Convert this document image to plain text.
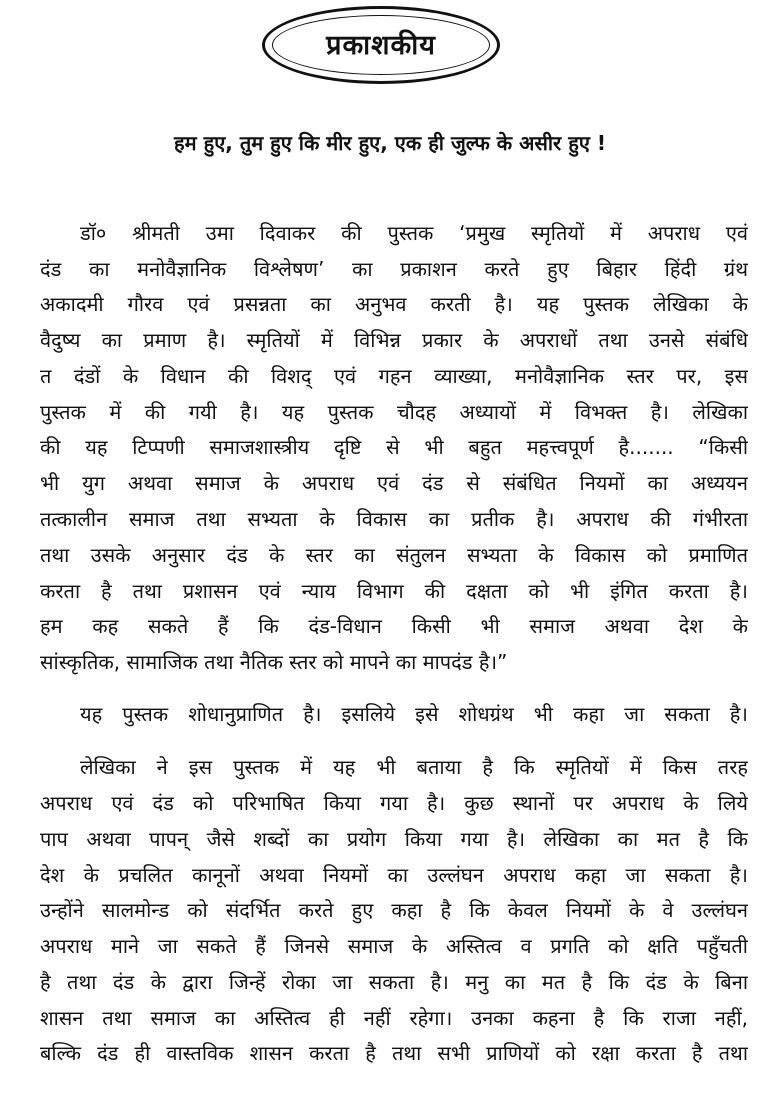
प्रकाशकीय
हम हुए, तुम हुए कि मीर हुए, एक ही जुल्फ के असीर हुए !
डॉ० श्रीमती उमा दिवाकर की पुस्तक ‘प्रमुख स्मृतियों में अपराध एवं
दंड का मनोवैज्ञानिक विश्लेषण’ का प्रकाशन करते हुए बिहार हिंदी ग्रंथ
अकादमी गौरव एवं प्रसन्नता का अनुभव करती है। यह पुस्तक लेखिका के
वैदुष्य का प्रमाण है। स्मृतियों में विभिन्न प्रकार के अपराधों तथा उनसे संबंधि
त दंडों के विधान की विशद् एवं गहन व्याख्या, मनोवैज्ञानिक स्तर पर, इस
पुस्तक में की गयी है। यह पुस्तक चौदह अध्यायों में विभक्त है। लेखिका
की यह टिप्पणी समाजशास्त्रीय दृष्टि से भी बहुत महत्त्वपूर्ण है....... “किसी
भी युग अथवा समाज के अपराध एवं दंड से संबंधित नियमों का अध्ययन
तत्कालीन समाज तथा सभ्यता के विकास का प्रतीक है। अपराध की गंभीरता
तथा उसके अनुसार दंड के स्तर का संतुलन सभ्यता के विकास को प्रमाणित
करता है तथा प्रशासन एवं न्याय विभाग की दक्षता को भी इंगित करता है।
हम कह सकते हैं कि दंड-विधान किसी भी समाज अथवा देश के
सांस्कृतिक, सामाजिक तथा नैतिक स्तर को मापने का मापदंड है।”
यह पुस्तक शोधानुप्राणित है। इसलिये इसे शोधग्रंथ भी कहा जा सकता है।
लेखिका ने इस पुस्तक में यह भी बताया है कि स्मृतियों में किस तरह
अपराध एवं दंड को परिभाषित किया गया है। कुछ स्थानों पर अपराध के लिये
पाप अथवा पापन् जैसे शब्दों का प्रयोग किया गया है। लेखिका का मत है कि
देश के प्रचलित कानूनों अथवा नियमों का उल्लंघन अपराध कहा जा सकता है।
उन्होंने सालमोन्ड को संदर्भित करते हुए कहा है कि केवल नियमों के वे उल्लंघन
अपराध माने जा सकते हैं जिनसे समाज के अस्तित्व व प्रगति को क्षति पहुँचती
है तथा दंड के द्वारा जिन्हें रोका जा सकता है। मनु का मत है कि दंड के बिना
शासन तथा समाज का अस्तित्व ही नहीं रहेगा। उनका कहना है कि राजा नहीं,
बल्कि दंड ही वास्तविक शासन करता है तथा सभी प्राणियों को रक्षा करता है तथा
